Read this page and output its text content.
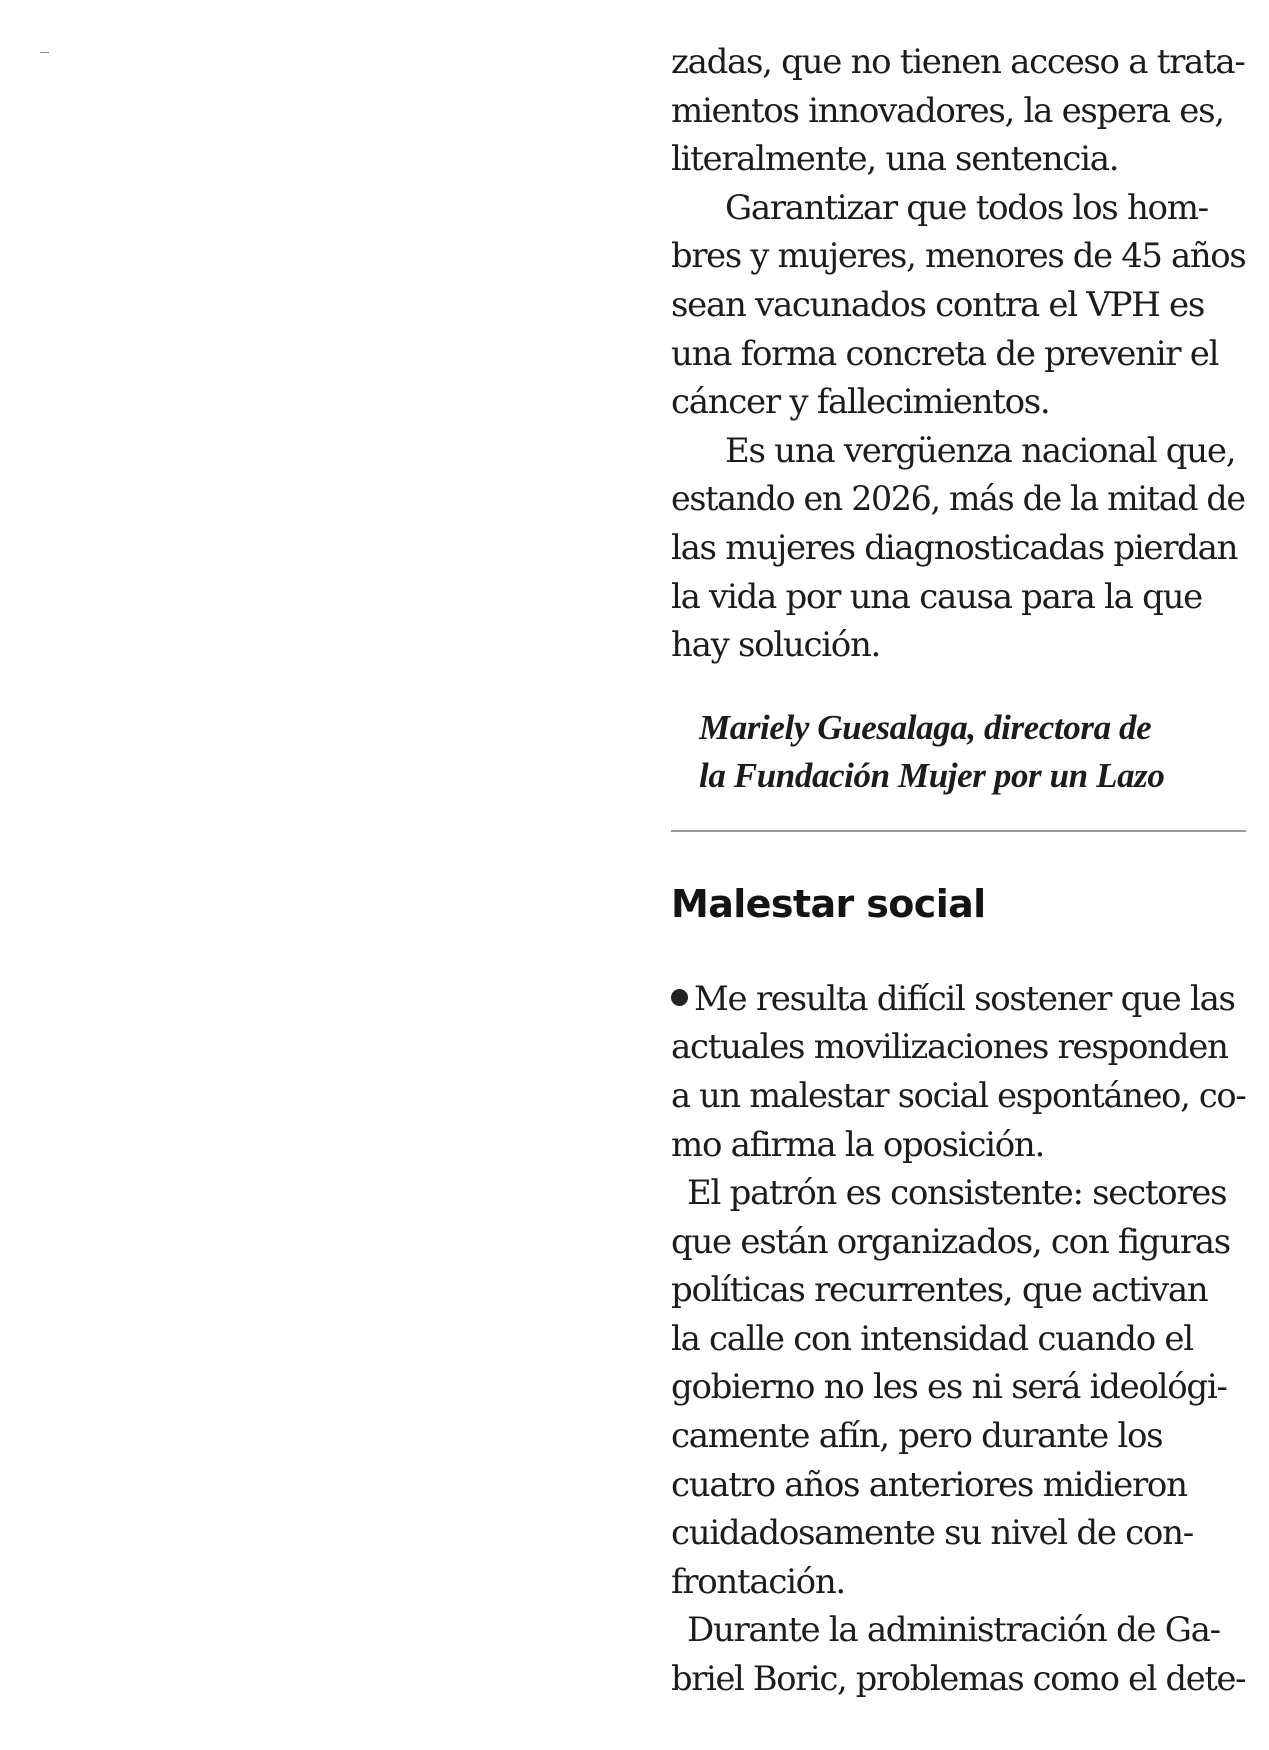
zadas, que no tienen acceso a trata-

mientos innovadores, la espera es,

literalmente, una sentencia.

Garantizar que todos los hom-

bres y mujeres, menores de 45 años

sean vacunados contra el VPH es

una forma concreta de prevenir el

cáncer y fallecimientos.

Es una vergüenza nacional que,

estando en 2026, más de la mitad de

las mujeres diagnosticadas pierdan

la vida por una causa para la que

hay solución.

Mariely Guesalaga, directora de
la Fundación Mujer por un Lazo
Malestar social

Me resulta difícil sostener que las

actuales movilizaciones responden

a un malestar social espontáneo, co-

mo afirma la oposición.

El patrón es consistente: sectores

que están organizados, con figuras

políticas recurrentes, que activan

la calle con intensidad cuando el

gobierno no les es ni será ideológi-

camente afín, pero durante los

cuatro años anteriores midieron

cuidadosamente su nivel de con-

frontación.

Durante la administración de Ga-

briel Boric, problemas como el dete-
